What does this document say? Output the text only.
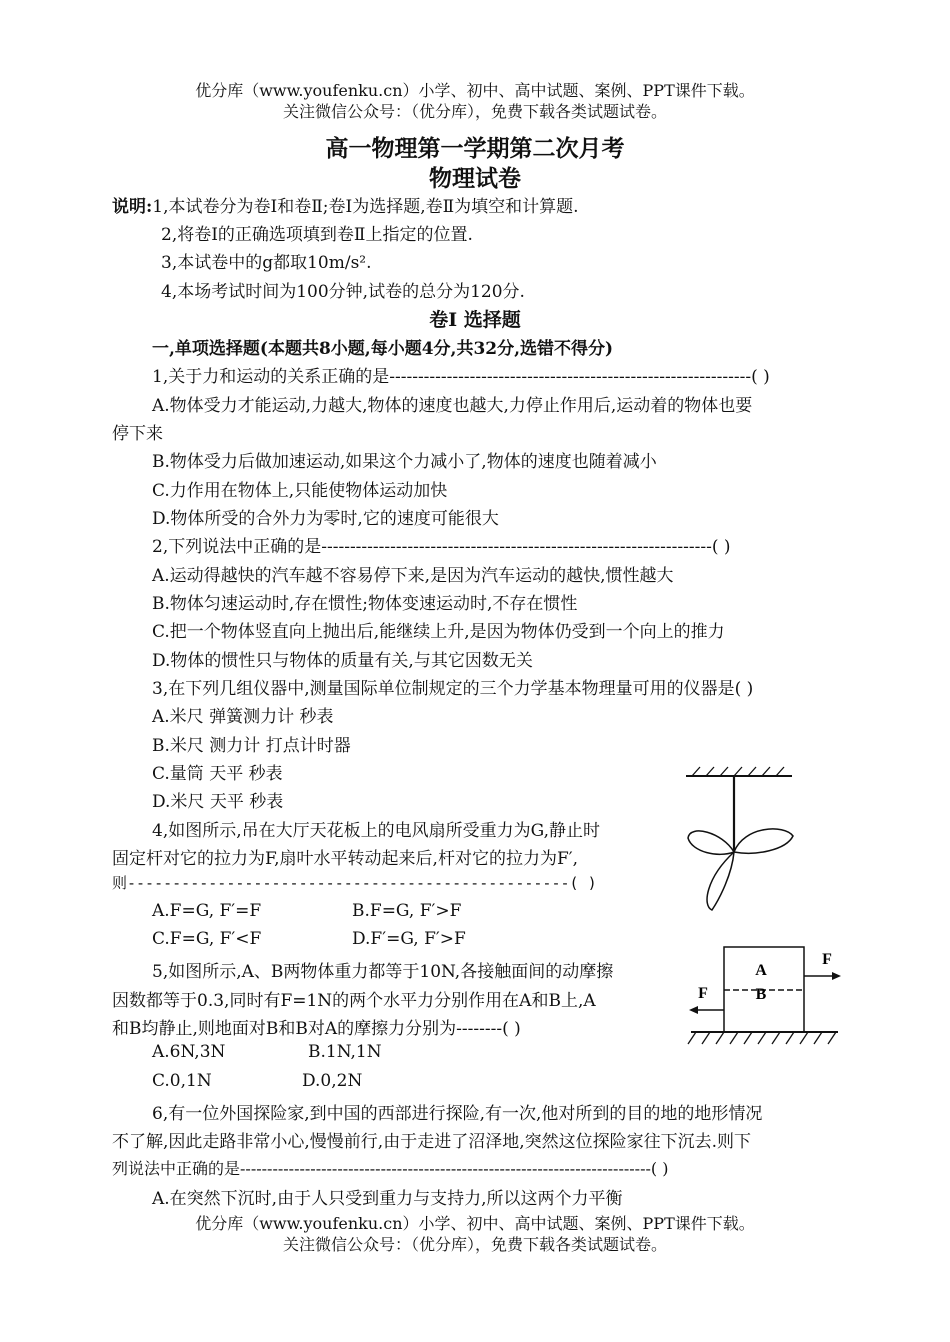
优分库（www.youfenku.cn）小学、初中、高中试题、案例、PPT课件下载。
关注微信公众号：（优分库），免费下载各类试题试卷。
高一物理第一学期第二次月考
物理试卷
说明:1,本试卷分为卷Ⅰ和卷Ⅱ;卷Ⅰ为选择题,卷Ⅱ为填空和计算题.
2,将卷Ⅰ的正确选项填到卷Ⅱ上指定的位置.
3,本试卷中的g都取10m/s².
4,本场考试时间为100分钟,试卷的总分为120分.
卷Ⅰ 选择题
一,单项选择题(本题共8小题,每小题4分,共32分,选错不得分)
1,关于力和运动的关系正确的是---------------------------------------------------------------( )
A.物体受力才能运动,力越大,物体的速度也越大,力停止作用后,运动着的物体也要
停下来
B.物体受力后做加速运动,如果这个力减小了,物体的速度也随着减小
C.力作用在物体上,只能使物体运动加快
D.物体所受的合外力为零时,它的速度可能很大
2,下列说法中正确的是--------------------------------------------------------------------( )
A.运动得越快的汽车越不容易停下来,是因为汽车运动的越快,惯性越大
B.物体匀速运动时,存在惯性;物体变速运动时,不存在惯性
C.把一个物体竖直向上抛出后,能继续上升,是因为物体仍受到一个向上的推力
D.物体的惯性只与物体的质量有关,与其它因数无关
3,在下列几组仪器中,测量国际单位制规定的三个力学基本物理量可用的仪器是( )
A.米尺 弹簧测力计 秒表
B.米尺 测力计 打点计时器
C.量筒 天平 秒表
D.米尺 天平 秒表
4,如图所示,吊在大厅天花板上的电风扇所受重力为G,静止时
固定杆对它的拉力为F,扇叶水平转动起来后,杆对它的拉力为F′,
则-------------------------------------------------( )
A.F=G, F′=F	B.F=G, F′>F
C.F=G, F′<F	D.F′=G, F′>F
A
B
F
F
5,如图所示,A、B两物体重力都等于10N,各接触面间的动摩擦
因数都等于0.3,同时有F=1N的两个水平力分别作用在A和B上,A
和B均静止,则地面对B和B对A的摩擦力分别为--------( )
A.6N,3N	B.1N,1N
C.0,1N	D.0,2N
6,有一位外国探险家,到中国的西部进行探险,有一次,他对所到的目的地的地形情况
不了解,因此走路非常小心,慢慢前行,由于走进了沼泽地,突然这位探险家往下沉去.则下
列说法中正确的是----------------------------------------------------------------------------( )
A.在突然下沉时,由于人只受到重力与支持力,所以这两个力平衡
优分库（www.youfenku.cn）小学、初中、高中试题、案例、PPT课件下载。
关注微信公众号：（优分库），免费下载各类试题试卷。
